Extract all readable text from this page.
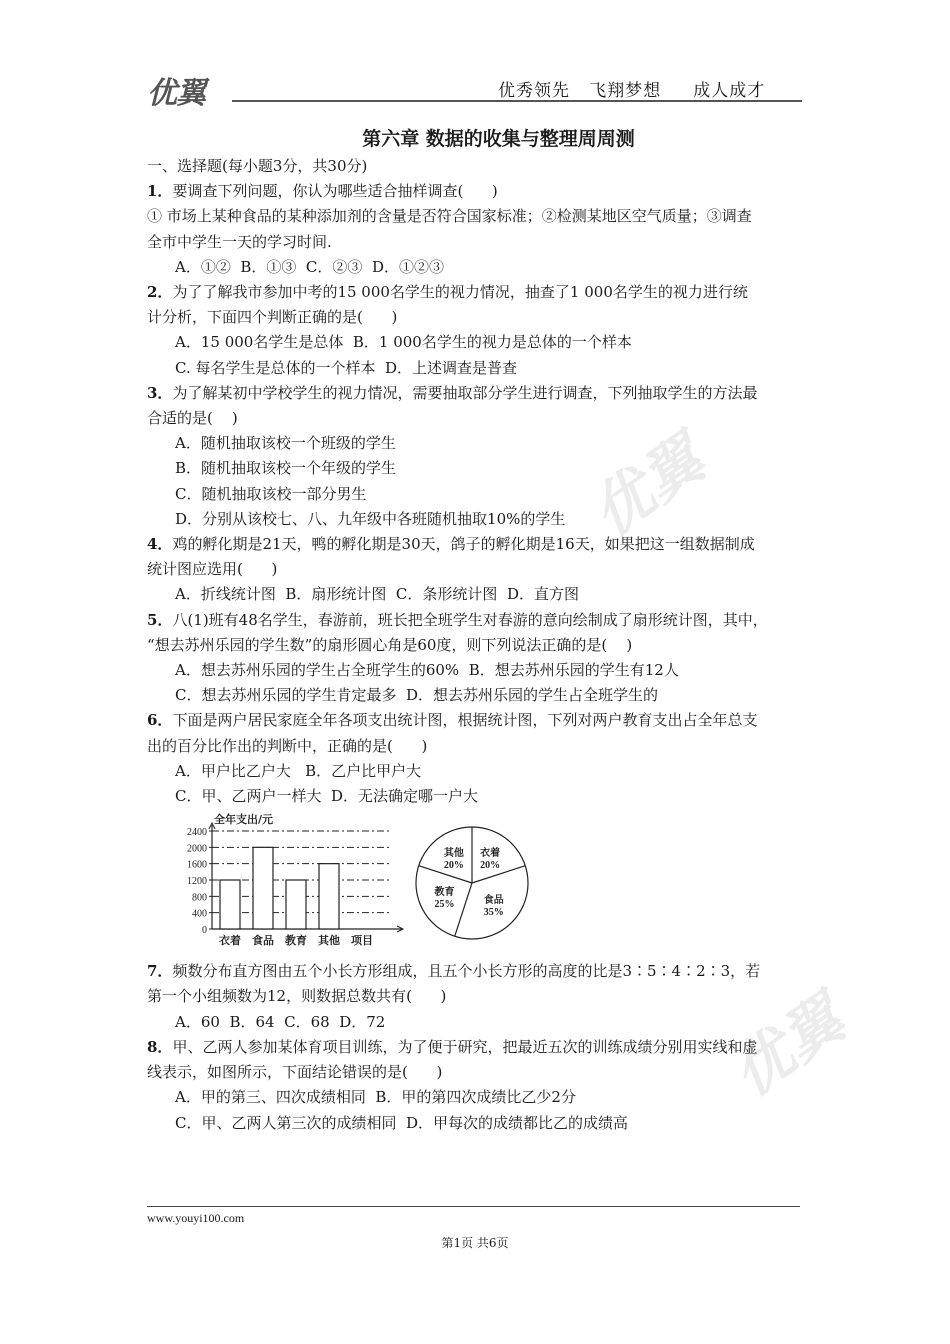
优翼	优秀领先   飞翔梦想     成人成才
优翼
优翼
第六章 数据的收集与整理周周测

一、选择题(每小题3分，共30分)

1．要调查下列问题，你认为哪些适合抽样调查(      )

① 市场上某种食品的某种添加剂的含量是否符合国家标准；②检测某地区空气质量；③调查

全市中学生一天的学习时间.

A．①②  B．①③  C．②③  D．①②③

2．为了了解我市参加中考的15 000名学生的视力情况，抽查了1 000名学生的视力进行统

计分析，下面四个判断正确的是(      )

A．15 000名学生是总体  B．1 000名学生的视力是总体的一个样本

C. 每名学生是总体的一个样本  D．上述调查是普查

3．为了解某初中学校学生的视力情况，需要抽取部分学生进行调查，下列抽取学生的方法最

合适的是(    )

A．随机抽取该校一个班级的学生

B．随机抽取该校一个年级的学生

C．随机抽取该校一部分男生

D．分别从该校七、八、九年级中各班随机抽取10%的学生

4．鸡的孵化期是21天，鸭的孵化期是30天，鸽子的孵化期是16天，如果把这一组数据制成

统计图应选用(      )

A．折线统计图  B．扇形统计图  C．条形统计图  D．直方图

5．八(1)班有48名学生，春游前，班长把全班学生对春游的意向绘制成了扇形统计图，其中，

“想去苏州乐园的学生数”的扇形圆心角是60度，则下列说法正确的是(    )

A．想去苏州乐园的学生占全班学生的60%  B．想去苏州乐园的学生有12人

C．想去苏州乐园的学生肯定最多  D．想去苏州乐园的学生占全班学生的

6．下面是两户居民家庭全年各项支出统计图，根据统计图，下列对两户教育支出占全年总支

出的百分比作出的判断中，正确的是(      )

A．甲户比乙户大   B．乙户比甲户大

C．甲、乙两户一样大  D．无法确定哪一户大

全年支出/元
0
400
800
1200
1600
2000
2400
衣着 食品 教育 其他 项目
衣着
20%
食品
35%
教育
25%
其他
20%

7．频数分布直方图由五个小长方形组成，且五个小长方形的高度的比是3∶5∶4∶2∶3，若

第一个小组频数为12，则数据总数共有(      )

A．60  B．64  C．68  D．72

8．甲、乙两人参加某体育项目训练，为了便于研究，把最近五次的训练成绩分别用实线和虚

线表示，如图所示，下面结论错误的是(      )

A．甲的第三、四次成绩相同  B．甲的第四次成绩比乙少2分

C．甲、乙两人第三次的成绩相同  D．甲每次的成绩都比乙的成绩高

www.youyi100.com
第1页 共6页
